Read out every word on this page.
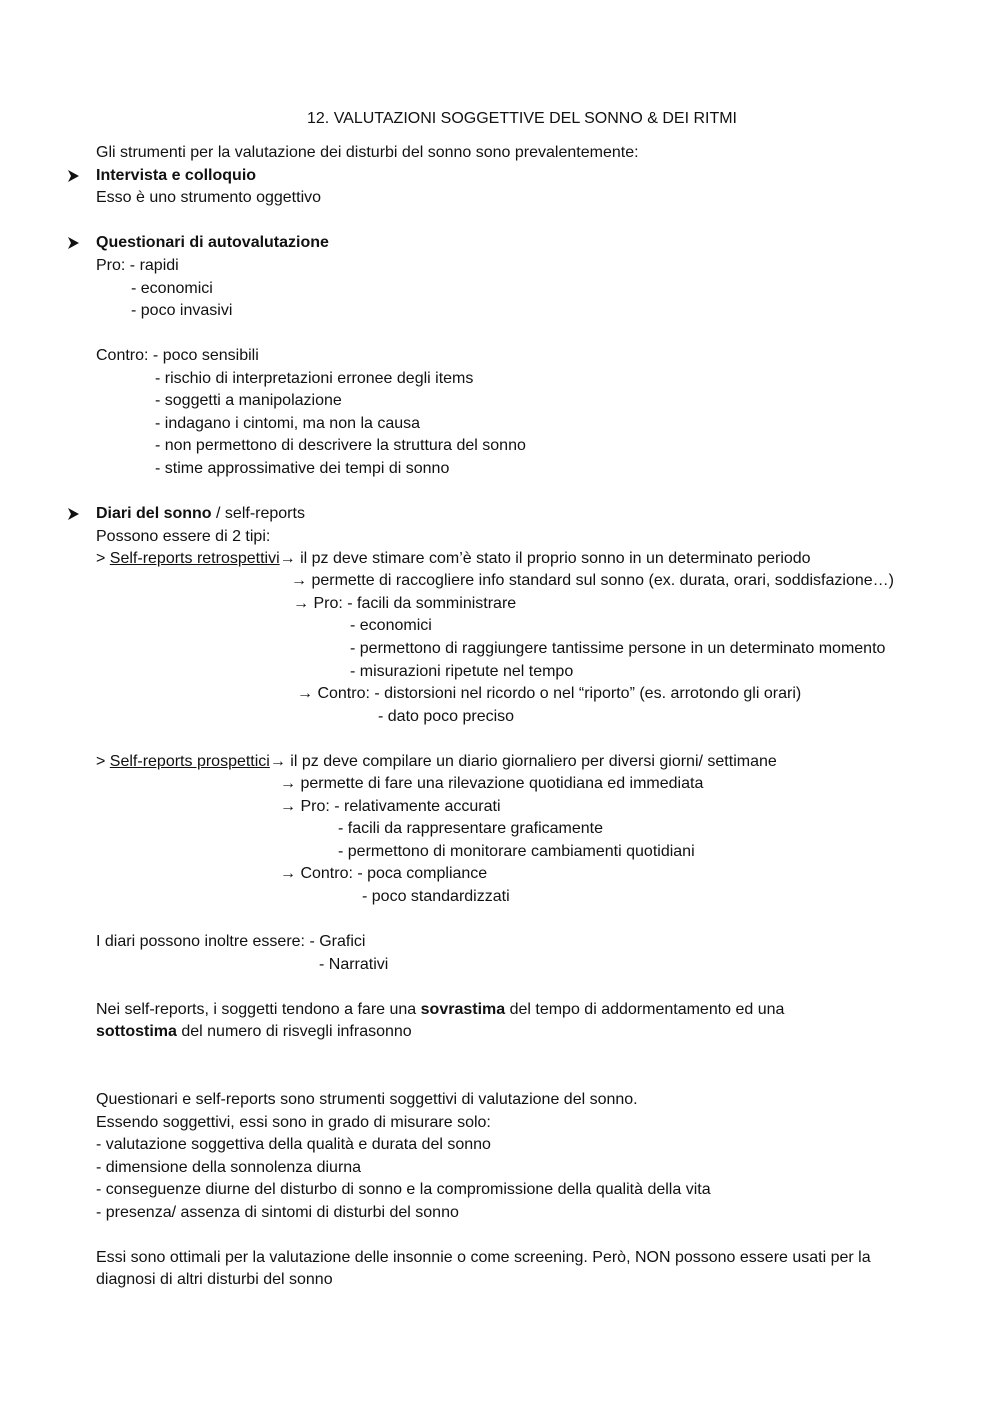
12. VALUTAZIONI SOGGETTIVE DEL SONNO & DEI RITMI
Gli strumenti per la valutazione dei disturbi del sonno sono prevalentemente:
Intervista e colloquio
Esso è uno strumento oggettivo
Questionari di autovalutazione
Pro: - rapidi
- economici
- poco invasivi
Contro: - poco sensibili
- rischio di interpretazioni erronee degli items
- soggetti a manipolazione
- indagano i cintomi, ma non la causa
- non permettono di descrivere la struttura del sonno
- stime approssimative dei tempi di sonno
Diari del sonno / self-reports
Possono essere di 2 tipi:
> Self-reports retrospettivi→ il pz deve stimare com’è stato il proprio sonno in un determinato periodo
→ permette di raccogliere info standard sul sonno (ex. durata, orari, soddisfazione…)
→ Pro: - facili da somministrare
- economici
- permettono di raggiungere tantissime persone in un determinato momento
- misurazioni ripetute nel tempo
→ Contro: - distorsioni nel ricordo o nel “riporto” (es. arrotondo gli orari)
- dato poco preciso
> Self-reports prospettici→ il pz deve compilare un diario giornaliero per diversi giorni/ settimane
→ permette di fare una rilevazione quotidiana ed immediata
→ Pro: - relativamente accurati
- facili da rappresentare graficamente
- permettono di monitorare cambiamenti quotidiani
→ Contro: - poca compliance
- poco standardizzati
I diari possono inoltre essere: - Grafici
- Narrativi
Nei self-reports, i soggetti tendono a fare una sovrastima del tempo di addormentamento ed una
sottostima del numero di risvegli infrasonno
Questionari e self-reports sono strumenti soggettivi di valutazione del sonno.
Essendo soggettivi, essi sono in grado di misurare solo:
- valutazione soggettiva della qualità e durata del sonno
- dimensione della sonnolenza diurna
- conseguenze diurne del disturbo di sonno e la compromissione della qualità della vita
- presenza/ assenza di sintomi di disturbi del sonno
Essi sono ottimali per la valutazione delle insonnie o come screening. Però, NON possono essere usati per la
diagnosi di altri disturbi del sonno
